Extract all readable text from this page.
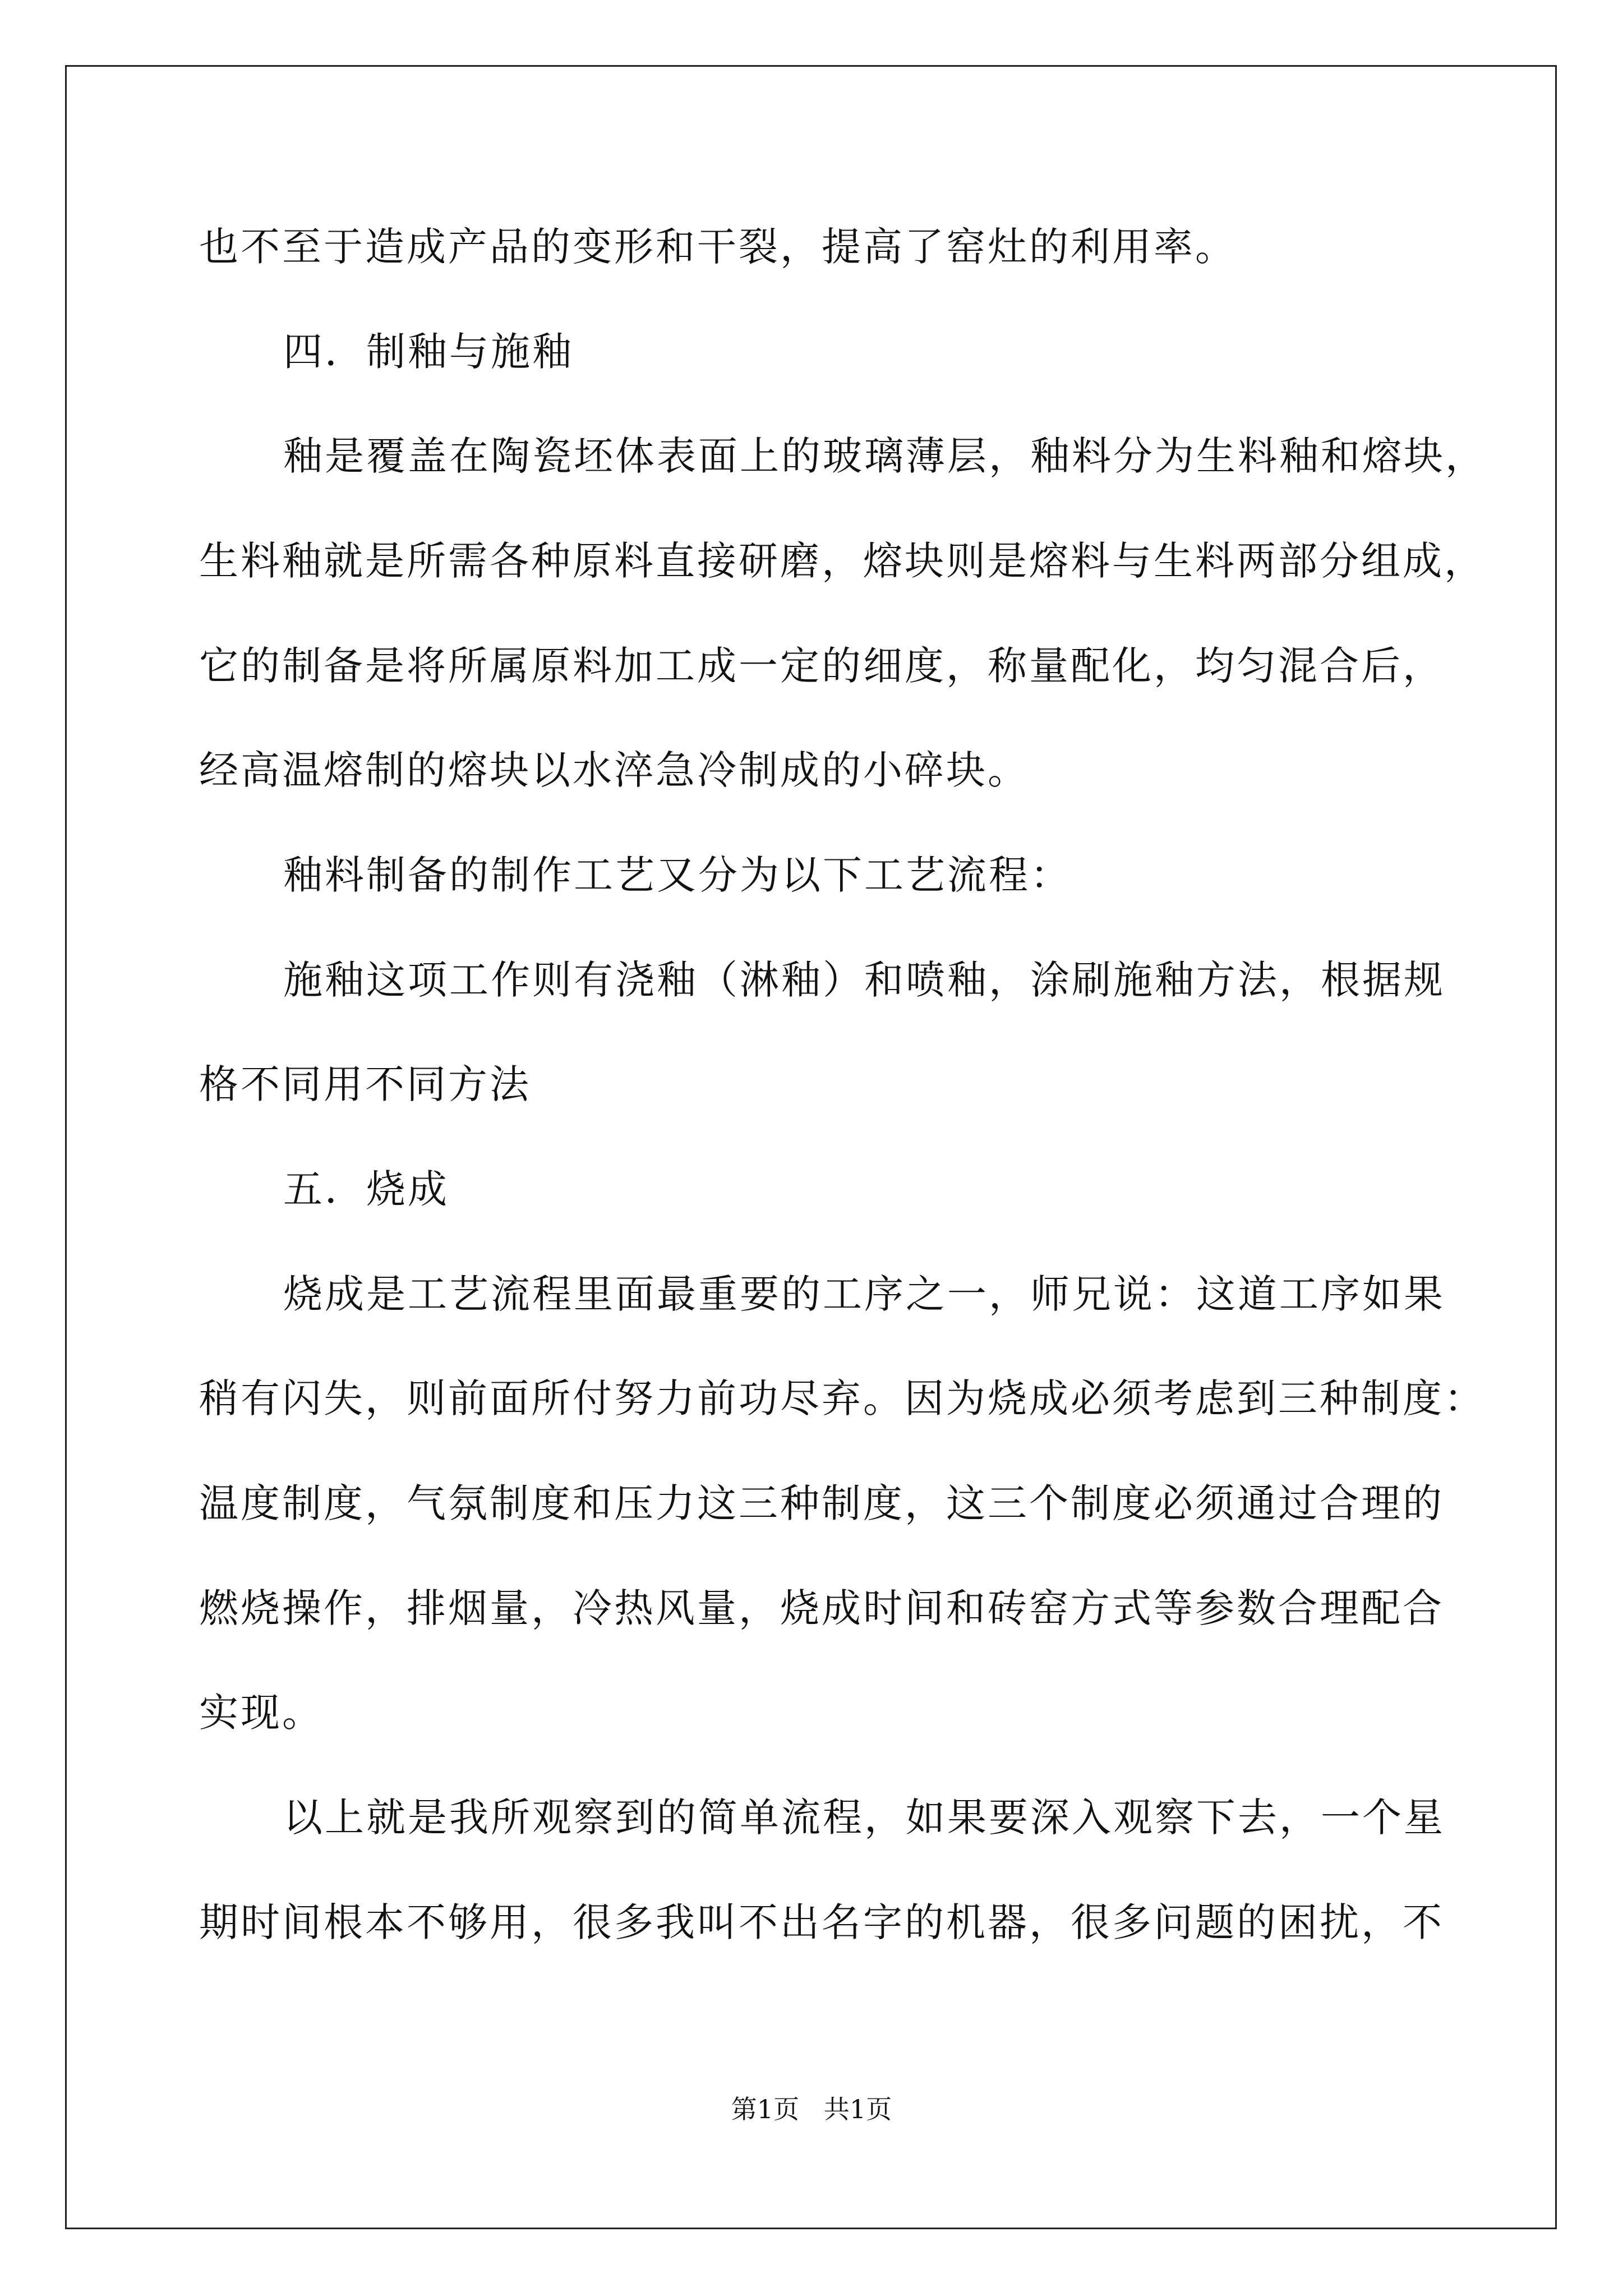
也不至于造成产品的变形和干裂，提高了窑灶的利用率。
四．制釉与施釉
釉是覆盖在陶瓷坯体表面上的玻璃薄层，釉料分为生料釉和熔块，
生料釉就是所需各种原料直接研磨，熔块则是熔料与生料两部分组成，
它的制备是将所属原料加工成一定的细度，称量配化，均匀混合后，
经高温熔制的熔块以水淬急冷制成的小碎块。
釉料制备的制作工艺又分为以下工艺流程：
施釉这项工作则有浇釉（淋釉）和喷釉，涂刷施釉方法，根据规
格不同用不同方法
五．烧成
烧成是工艺流程里面最重要的工序之一，师兄说：这道工序如果
稍有闪失，则前面所付努力前功尽弃。因为烧成必须考虑到三种制度：
温度制度，气氛制度和压力这三种制度，这三个制度必须通过合理的
燃烧操作，排烟量，冷热风量，烧成时间和砖窑方式等参数合理配合
实现。
以上就是我所观察到的简单流程，如果要深入观察下去，一个星
期时间根本不够用，很多我叫不出名字的机器，很多问题的困扰，不
第1页   共1页
